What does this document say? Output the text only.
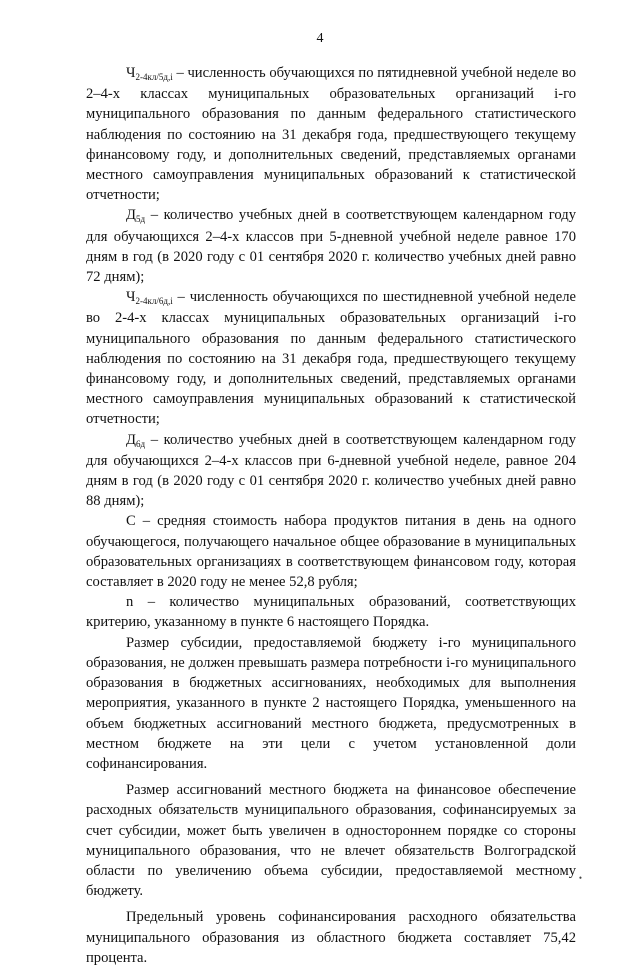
4

$Ч_{2-4кл/5д,i}$ – численность обучающихся по пятидневной учебной неделе во 2–4-х классах муниципальных образовательных организаций i-го муниципального образования по данным федерального статистического наблюдения по состоянию на 31 декабря года, предшествующего текущему финансовому году, и дополнительных сведений, представляемых органами местного самоуправления муниципальных образований к статистической отчетности;

$Д_{5д}$ – количество учебных дней в соответствующем календарном году для обучающихся 2–4-х классов при 5-дневной учебной неделе равное 170 дням в год (в 2020 году с 01 сентября 2020 г. количество учебных дней равно 72 дням);

$Ч_{2-4кл/6д,i}$ – численность обучающихся по шестидневной учебной неделе во 2-4-х классах муниципальных образовательных организаций i-го муниципального образования по данным федерального статистического наблюдения по состоянию на 31 декабря года, предшествующего текущему финансовому году, и дополнительных сведений, представляемых органами местного самоуправления муниципальных образований к статистической отчетности;

$Д_{6д}$ – количество учебных дней в соответствующем календарном году для обучающихся 2–4-х классов при 6-дневной учебной неделе, равное 204 дням в год (в 2020 году с 01 сентября 2020 г. количество учебных дней равно 88 дням);

С – средняя стоимость набора продуктов питания в день на одного обучающегося, получающего начальное общее образование в муниципальных образовательных организациях в соответствующем финансовом году, которая составляет в 2020 году не менее 52,8 рубля;

n – количество муниципальных образований, соответствующих критерию, указанному в пункте 6 настоящего Порядка.

Размер субсидии, предоставляемой бюджету i-го муниципального образования, не должен превышать размера потребности i-го муниципального образования в бюджетных ассигнованиях, необходимых для выполнения мероприятия, указанного в пункте 2 настоящего Порядка, уменьшенного на объем бюджетных ассигнований местного бюджета, предусмотренных в местном бюджете на эти цели с учетом установленной доли софинансирования.

Размер ассигнований местного бюджета на финансовое обеспечение расходных обязательств муниципального образования, софинансируемых за счет субсидии, может быть увеличен в одностороннем порядке со стороны муниципального образования, что не влечет обязательств Волгоградской области по увеличению объема субсидии, предоставляемой местному бюджету.

Предельный уровень софинансирования расходного обязательства муниципального образования из областного бюджета составляет 75,42 процента.

•
